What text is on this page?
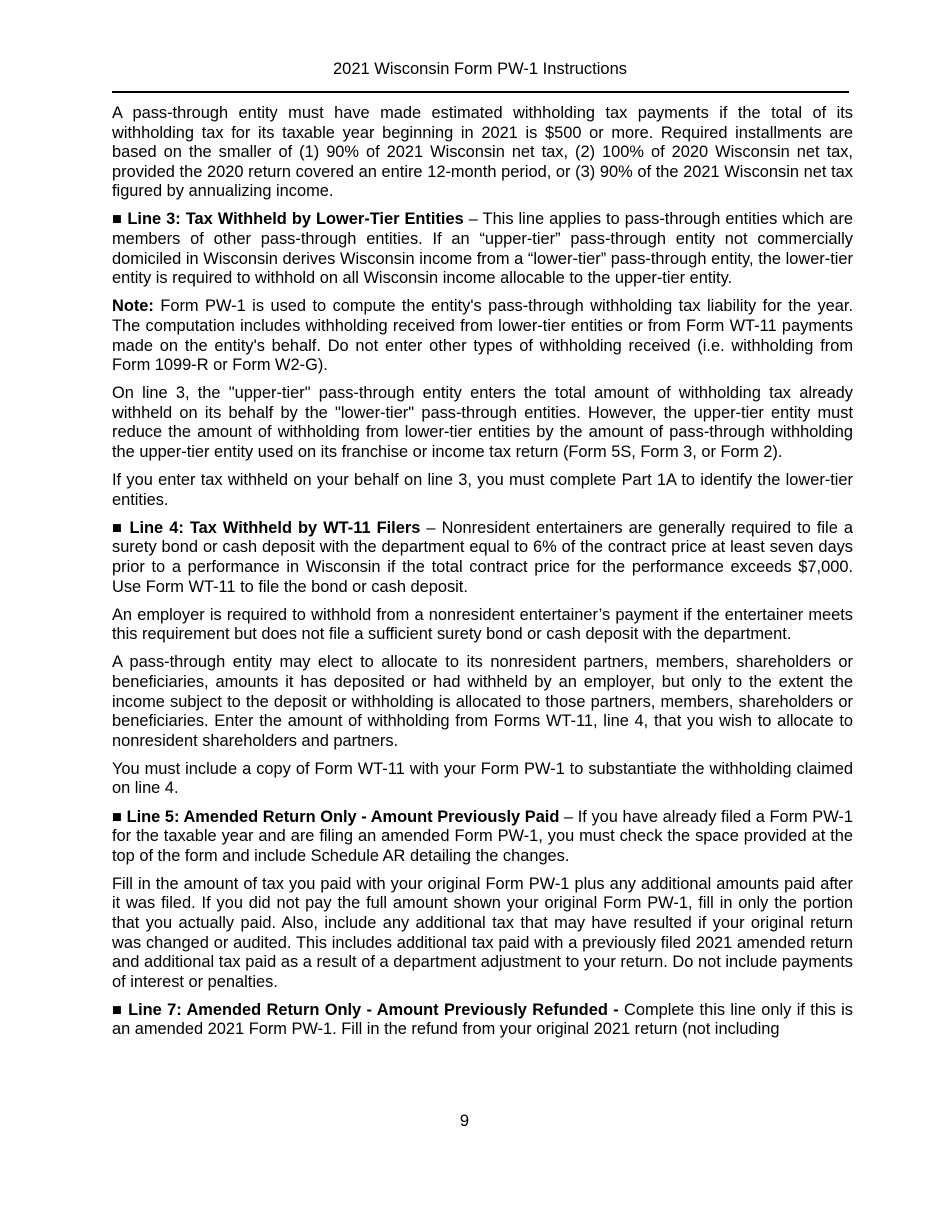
2021 Wisconsin Form PW-1 Instructions

A pass-through entity must have made estimated withholding tax payments if the total of its withholding tax for its taxable year beginning in 2021 is $500 or more. Required installments are based on the smaller of (1) 90% of 2021 Wisconsin net tax, (2) 100% of 2020 Wisconsin net tax, provided the 2020 return covered an entire 12-month period, or (3) 90% of the 2021 Wisconsin net tax figured by annualizing income.

■ Line 3: Tax Withheld by Lower-Tier Entities – This line applies to pass-through entities which are members of other pass-through entities. If an “upper-tier” pass-through entity not commercially domiciled in Wisconsin derives Wisconsin income from a “lower-tier” pass-through entity, the lower-tier entity is required to withhold on all Wisconsin income allocable to the upper-tier entity.

Note: Form PW-1 is used to compute the entity's pass-through withholding tax liability for the year. The computation includes withholding received from lower-tier entities or from Form WT-11 payments made on the entity's behalf. Do not enter other types of withholding received (i.e. withholding from Form 1099-R or Form W2-G).

On line 3, the "upper-tier" pass-through entity enters the total amount of withholding tax already withheld on its behalf by the "lower-tier" pass-through entities. However, the upper-tier entity must reduce the amount of withholding from lower-tier entities by the amount of pass-through withholding the upper-tier entity used on its franchise or income tax return (Form 5S, Form 3, or Form 2).

If you enter tax withheld on your behalf on line 3, you must complete Part 1A to identify the lower-tier entities.

■ Line 4: Tax Withheld by WT-11 Filers – Nonresident entertainers are generally required to file a surety bond or cash deposit with the department equal to 6% of the contract price at least seven days prior to a performance in Wisconsin if the total contract price for the performance exceeds $7,000. Use Form WT-11 to file the bond or cash deposit.

An employer is required to withhold from a nonresident entertainer’s payment if the entertainer meets this requirement but does not file a sufficient surety bond or cash deposit with the department.

A pass-through entity may elect to allocate to its nonresident partners, members, shareholders or beneficiaries, amounts it has deposited or had withheld by an employer, but only to the extent the income subject to the deposit or withholding is allocated to those partners, members, shareholders or beneficiaries. Enter the amount of withholding from Forms WT-11, line 4, that you wish to allocate to nonresident shareholders and partners.

You must include a copy of Form WT-11 with your Form PW-1 to substantiate the withholding claimed on line 4.

■ Line 5: Amended Return Only - Amount Previously Paid – If you have already filed a Form PW-1 for the taxable year and are filing an amended Form PW-1, you must check the space provided at the top of the form and include Schedule AR detailing the changes.

Fill in the amount of tax you paid with your original Form PW-1 plus any additional amounts paid after it was filed. If you did not pay the full amount shown your original Form PW-1, fill in only the portion that you actually paid. Also, include any additional tax that may have resulted if your original return was changed or audited. This includes additional tax paid with a previously filed 2021 amended return and additional tax paid as a result of a department adjustment to your return. Do not include payments of interest or penalties.

■ Line 7: Amended Return Only - Amount Previously Refunded - Complete this line only if this is an amended 2021 Form PW-1. Fill in the refund from your original 2021 return (not including

9
